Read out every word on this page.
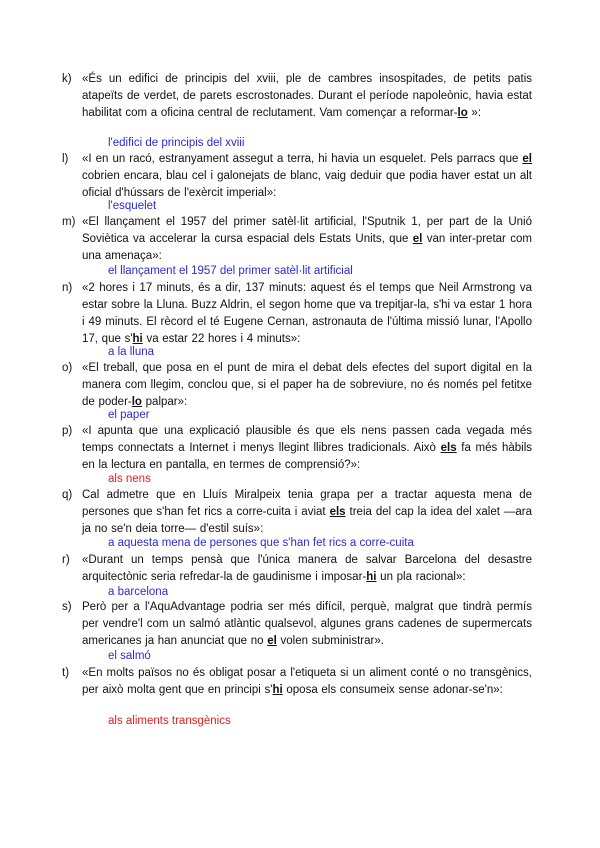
k) «És un edifici de principis del xviii, ple de cambres insospitades, de petits patis atapeïts de verdet, de parets escrostonades. Durant el període napoleònic, havia estat habilitat com a oficina central de reclutament. Vam començar a reformar-lo »:
l'edifici de principis del xviii
l) «I en un racó, estranyament assegut a terra, hi havia un esquelet. Pels parracs que el cobrien encara, blau cel i galonejats de blanc, vaig deduir que podia haver estat un alt oficial d'hússars de l'exèrcit imperial»:
l'esquelet
m) «El llançament el 1957 del primer satèl·lit artificial, l'Sputnik 1, per part de la Unió Soviètica va accelerar la cursa espacial dels Estats Units, que el van inter-pretar com una amenaça»:
el llançament el 1957 del primer satèl·lit artificial
n) «2 hores i 17 minuts, és a dir, 137 minuts: aquest és el temps que Neil Armstrong va estar sobre la Lluna. Buzz Aldrin, el segon home que va trepitjar-la, s'hi va estar 1 hora i 49 minuts. El rècord el té Eugene Cernan, astronauta de l'última missió lunar, l'Apollo 17, que s'hi va estar 22 hores i 4 minuts»:
a la lluna
o) «El treball, que posa en el punt de mira el debat dels efectes del suport digital en la manera com llegim, conclou que, si el paper ha de sobreviure, no és només pel fetitxe de poder-lo palpar»:
el paper
p) «I apunta que una explicació plausible és que els nens passen cada vegada més temps connectats a Internet i menys llegint llibres tradicionals. Això els fa més hàbils en la lectura en pantalla, en termes de comprensió?»:
als nens
q) Cal admetre que en Lluís Miralpeix tenia grapa per a tractar aquesta mena de persones que s'han fet rics a corre-cuita i aviat els treia del cap la idea del xalet —ara ja no se'n deia torre— d'estil suís»:
a aquesta mena de persones que s'han fet rics a corre-cuita
r) «Durant un temps pensà que l'única manera de salvar Barcelona del desastre arquitectònic seria refredar-la de gaudinisme i imposar-hi un pla racional»:
a barcelona
s) Però per a l'AquAdvantage podria ser més difícil, perquè, malgrat que tindrà permís per vendre'l com un salmó atlàntic qualsevol, algunes grans cadenes de supermercats americanes ja han anunciat que no el volen subministrar».
el salmó
t) «En molts països no és obligat posar a l'etiqueta si un aliment conté o no transgènics, per això molta gent que en principi s'hi oposa els consumeix sense adonar-se'n»:
als aliments transgènics
